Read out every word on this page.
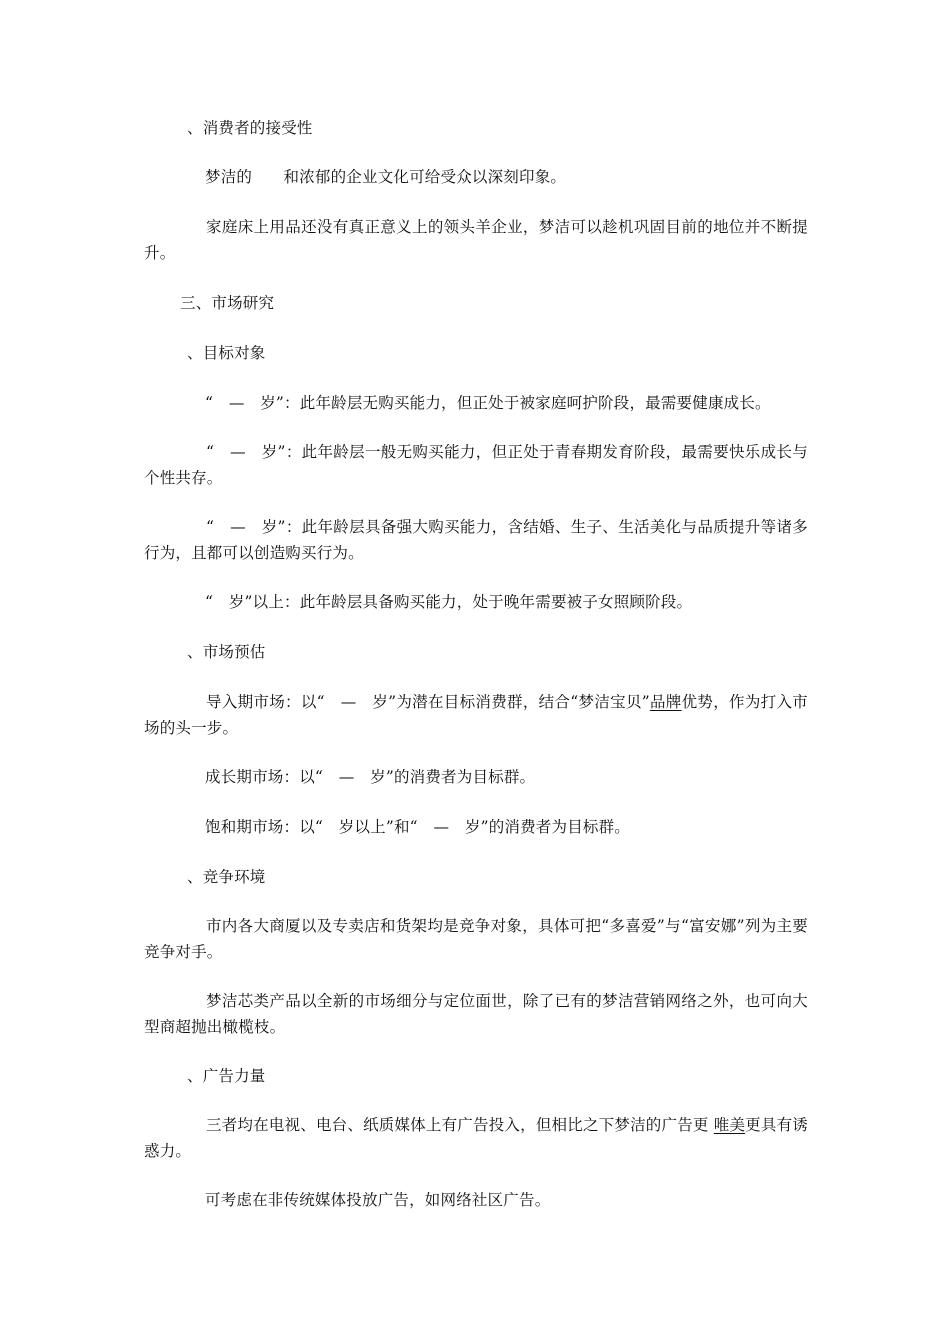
、消费者的接受性
梦洁的　　和浓郁的企业文化可给受众以深刻印象。
家庭床上用品还没有真正意义上的领头羊企业，梦洁可以趁机巩固目前的地位并不断提升。
三、市场研究
、目标对象
“　—　岁”：此年龄层无购买能力，但正处于被家庭呵护阶段，最需要健康成长。
“　—　岁”：此年龄层一般无购买能力，但正处于青春期发育阶段，最需要快乐成长与个性共存。
“　—　岁”：此年龄层具备强大购买能力，含结婚、生子、生活美化与品质提升等诸多行为，且都可以创造购买行为。
“　岁”以上：此年龄层具备购买能力，处于晚年需要被子女照顾阶段。
、市场预估
导入期市场：以“　—　岁”为潜在目标消费群，结合“梦洁宝贝”品牌优势，作为打入市场的头一步。
成长期市场：以“　—　岁”的消费者为目标群。
饱和期市场：以“　岁以上”和“　—　岁”的消费者为目标群。
、竞争环境
市内各大商厦以及专卖店和货架均是竞争对象，具体可把“多喜爱”与“富安娜”列为主要竞争对手。
梦洁芯类产品以全新的市场细分与定位面世，除了已有的梦洁营销网络之外，也可向大型商超抛出橄榄枝。
、广告力量
三者均在电视、电台、纸质媒体上有广告投入，但相比之下梦洁的广告更 唯美更具有诱惑力。
可考虑在非传统媒体投放广告，如网络社区广告。
